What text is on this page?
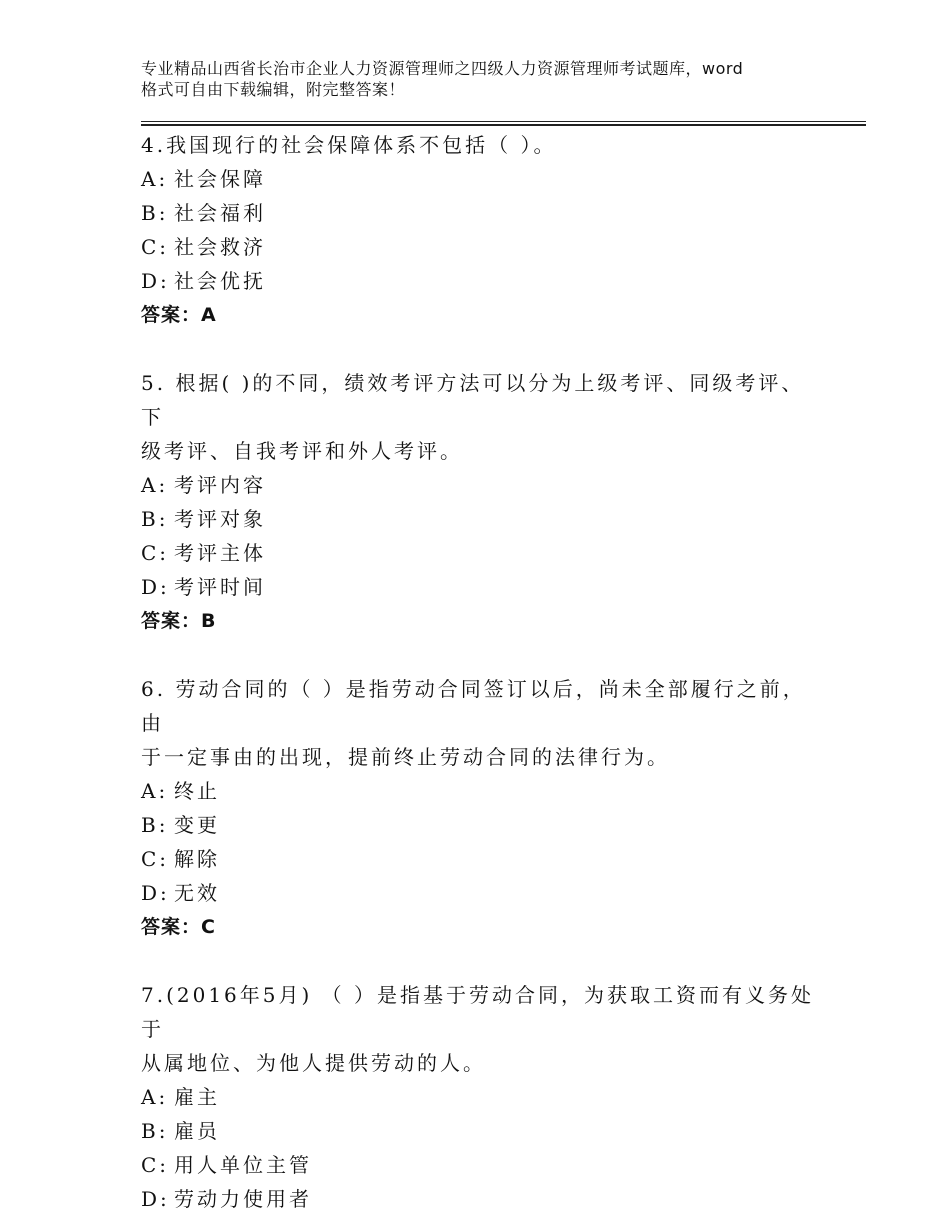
专业精品山西省长治市企业人力资源管理师之四级人力资源管理师考试题库，word
格式可自由下载编辑，附完整答案！
4.我国现行的社会保障体系不包括（ ）。
A: 社会保障
B: 社会福利
C: 社会救济
D: 社会优抚
答案：A
5. 根据( )的不同，绩效考评方法可以分为上级考评、同级考评、下
级考评、自我考评和外人考评。
A: 考评内容
B: 考评对象
C: 考评主体
D: 考评时间
答案：B
6. 劳动合同的（ ）是指劳动合同签订以后，尚未全部履行之前，由
于一定事由的出现，提前终止劳动合同的法律行为。
A: 终止
B: 变更
C: 解除
D: 无效
答案：C
7.(2016年5月) （ ）是指基于劳动合同，为获取工资而有义务处于
从属地位、为他人提供劳动的人。
A: 雇主
B: 雇员
C: 用人单位主管
D: 劳动力使用者
